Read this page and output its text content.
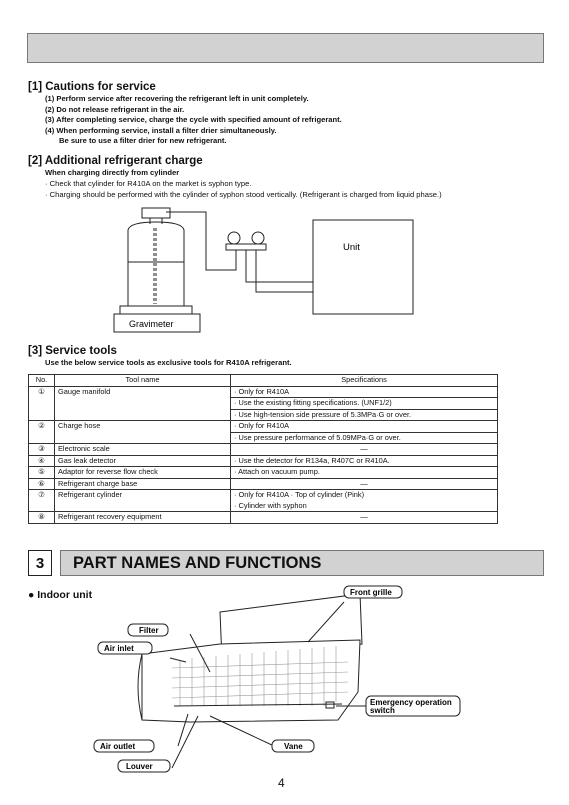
[1] Cautions for service
(1) Perform service after recovering the refrigerant left in unit completely.
(2) Do not release refrigerant in the air.
(3) After completing service, charge the cycle with specified amount of refrigerant.
(4) When performing service, install a filter drier simultaneously.
Be sure to use a filter drier for new refrigerant.
[2] Additional refrigerant charge
When charging directly from cylinder
· Check that cylinder for R410A on the market is syphon type.
· Charging should be performed with the cylinder of syphon stood vertically. (Refrigerant is charged from liquid phase.)
Unit
Gravimeter
[3] Service tools
Use the below service tools as exclusive tools for R410A refrigerant.
No.	Tool name	Specifications
①	Gauge manifold	· Only for R410A
		· Use the existing fitting specifications. (UNF1/2)
		· Use high-tension side pressure of 5.3MPa·G or over.
②	Charge hose	· Only for R410A
		· Use pressure performance of 5.09MPa·G or over.
③	Electronic scale	—
④	Gas leak detector	· Use the detector for R134a, R407C or R410A.
⑤	Adaptor for reverse flow check	· Attach on vacuum pump.
⑥	Refrigerant charge base	—
⑦	Refrigerant cylinder	· Only for R410A · Top of cylinder (Pink)
		· Cylinder with syphon
⑧	Refrigerant recovery equipment	—
3	PART NAMES AND FUNCTIONS
● Indoor unit	Front grille
Filter
Air inlet
Emergency operation
switch
Air outlet	Vane
Louver
4
